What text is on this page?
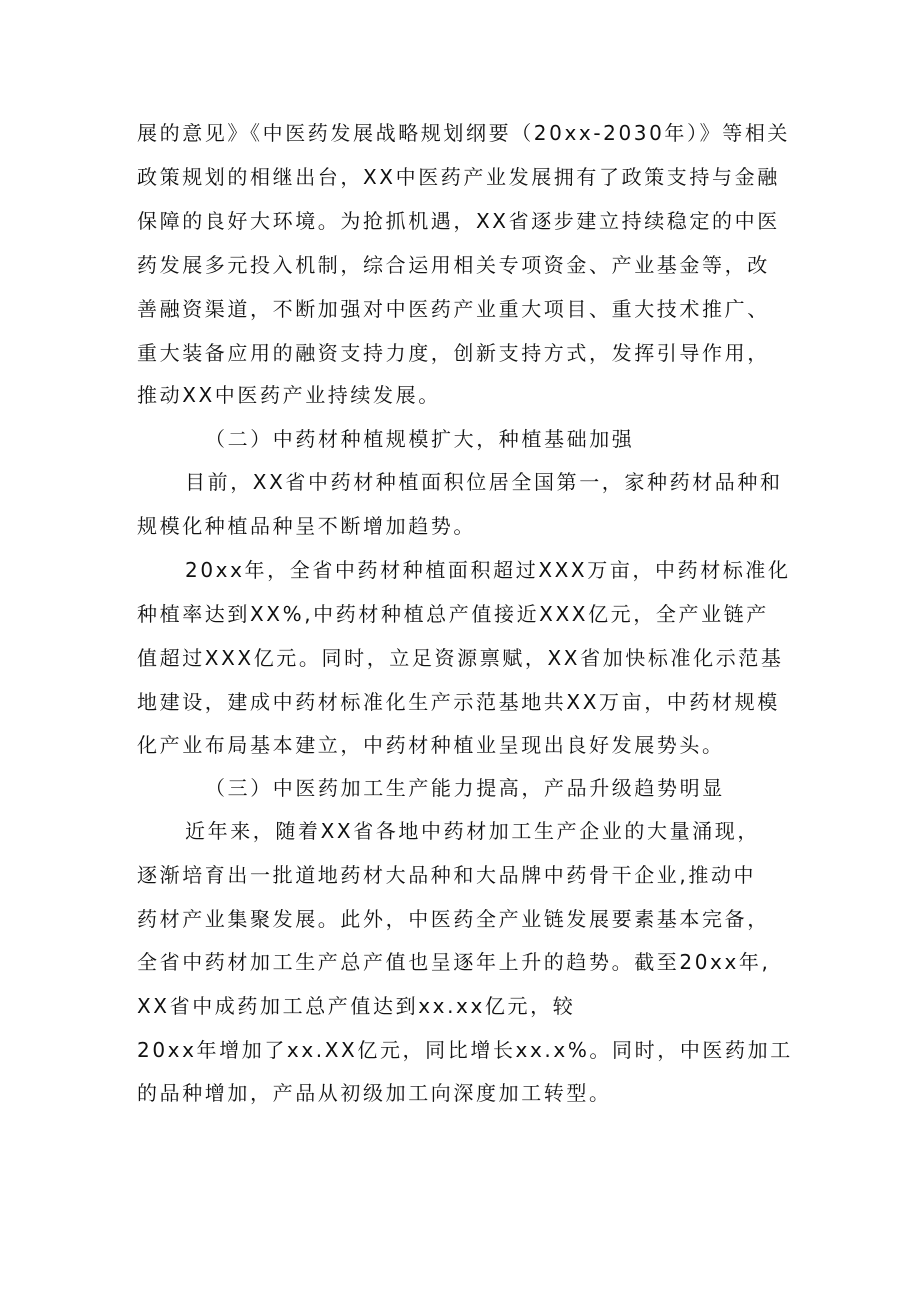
展的意见》《中医药发展战略规划纲要（20xx-2030年）》等相关
政策规划的相继出台，XX中医药产业发展拥有了政策支持与金融
保障的良好大环境。为抢抓机遇，XX省逐步建立持续稳定的中医
药发展多元投入机制，综合运用相关专项资金、产业基金等，改
善融资渠道，不断加强对中医药产业重大项目、重大技术推广、
重大装备应用的融资支持力度，创新支持方式，发挥引导作用，
推动XX中医药产业持续发展。
（二）中药材种植规模扩大，种植基础加强
目前，XX省中药材种植面积位居全国第一，家种药材品种和
规模化种植品种呈不断增加趋势。
20xx年，全省中药材种植面积超过XXX万亩，中药材标准化
种植率达到XX%,中药材种植总产值接近XXX亿元，全产业链产
值超过XXX亿元。同时，立足资源禀赋，XX省加快标准化示范基
地建设，建成中药材标准化生产示范基地共XX万亩，中药材规模
化产业布局基本建立，中药材种植业呈现出良好发展势头。
（三）中医药加工生产能力提高，产品升级趋势明显
近年来，随着XX省各地中药材加工生产企业的大量涌现，
逐渐培育出一批道地药材大品种和大品牌中药骨干企业,推动中
药材产业集聚发展。此外，中医药全产业链发展要素基本完备，
全省中药材加工生产总产值也呈逐年上升的趋势。截至20xx年,
XX省中成药加工总产值达到xx.xx亿元，较
20xx年增加了xx.XX亿元，同比增长xx.x%。同时，中医药加工
的品种增加，产品从初级加工向深度加工转型。
